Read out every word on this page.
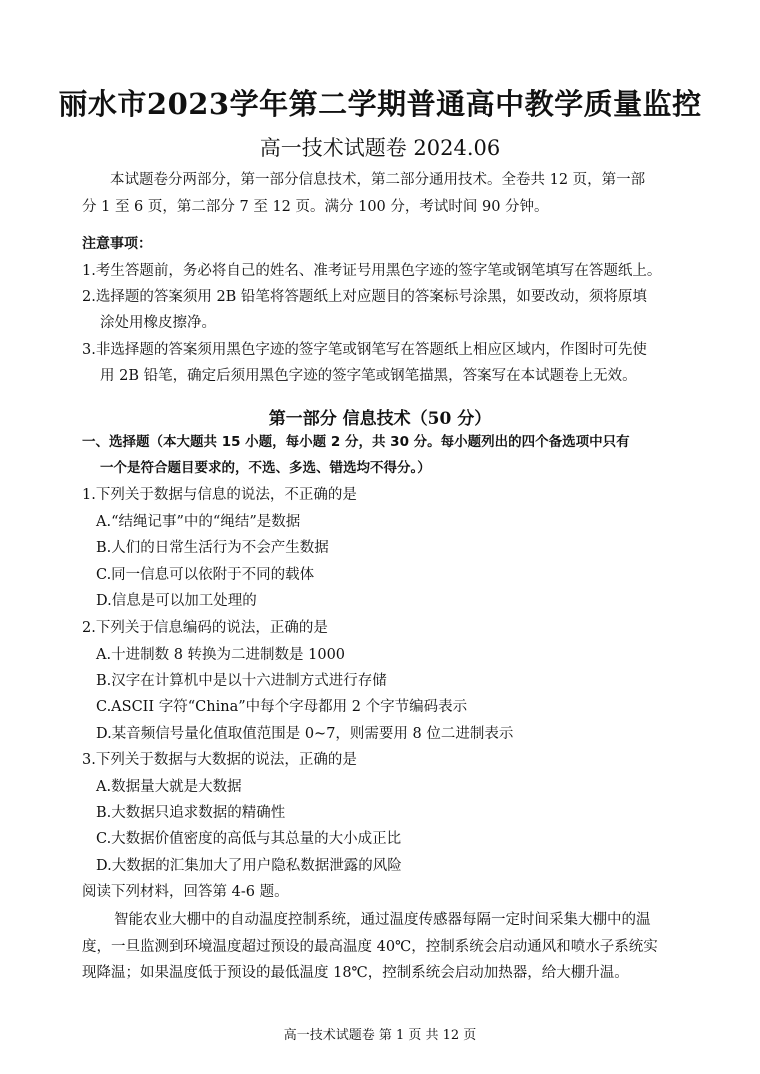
丽水市2023学年第二学期普通高中教学质量监控
高一技术试题卷 2024.06
本试题卷分两部分，第一部分信息技术，第二部分通用技术。全卷共 12 页，第一部
分 1 至 6 页，第二部分 7 至 12 页。满分 100 分，考试时间 90 分钟。
注意事项：
1.考生答题前，务必将自己的姓名、准考证号用黑色字迹的签字笔或钢笔填写在答题纸上。
2.选择题的答案须用 2B 铅笔将答题纸上对应题目的答案标号涂黑，如要改动，须将原填
涂处用橡皮擦净。
3.非选择题的答案须用黑色字迹的签字笔或钢笔写在答题纸上相应区域内，作图时可先使
用 2B 铅笔，确定后须用黑色字迹的签字笔或钢笔描黑，答案写在本试题卷上无效。
第一部分 信息技术（50 分）
一、选择题（本大题共 15 小题，每小题 2 分，共 30 分。每小题列出的四个备选项中只有
一个是符合题目要求的，不选、多选、错选均不得分。）
1.下列关于数据与信息的说法，不正确的是
A.“结绳记事”中的“绳结”是数据
B.人们的日常生活行为不会产生数据
C.同一信息可以依附于不同的载体
D.信息是可以加工处理的
2.下列关于信息编码的说法，正确的是
A.十进制数 8 转换为二进制数是 1000
B.汉字在计算机中是以十六进制方式进行存储
C.ASCII 字符“China”中每个字母都用 2 个字节编码表示
D.某音频信号量化值取值范围是 0~7，则需要用 8 位二进制表示
3.下列关于数据与大数据的说法，正确的是
A.数据量大就是大数据
B.大数据只追求数据的精确性
C.大数据价值密度的高低与其总量的大小成正比
D.大数据的汇集加大了用户隐私数据泄露的风险
阅读下列材料，回答第 4-6 题。
智能农业大棚中的自动温度控制系统，通过温度传感器每隔一定时间采集大棚中的温
度，一旦监测到环境温度超过预设的最高温度 40℃，控制系统会启动通风和喷水子系统实
现降温；如果温度低于预设的最低温度 18℃，控制系统会启动加热器，给大棚升温。
高一技术试题卷 第 1 页 共 12 页
